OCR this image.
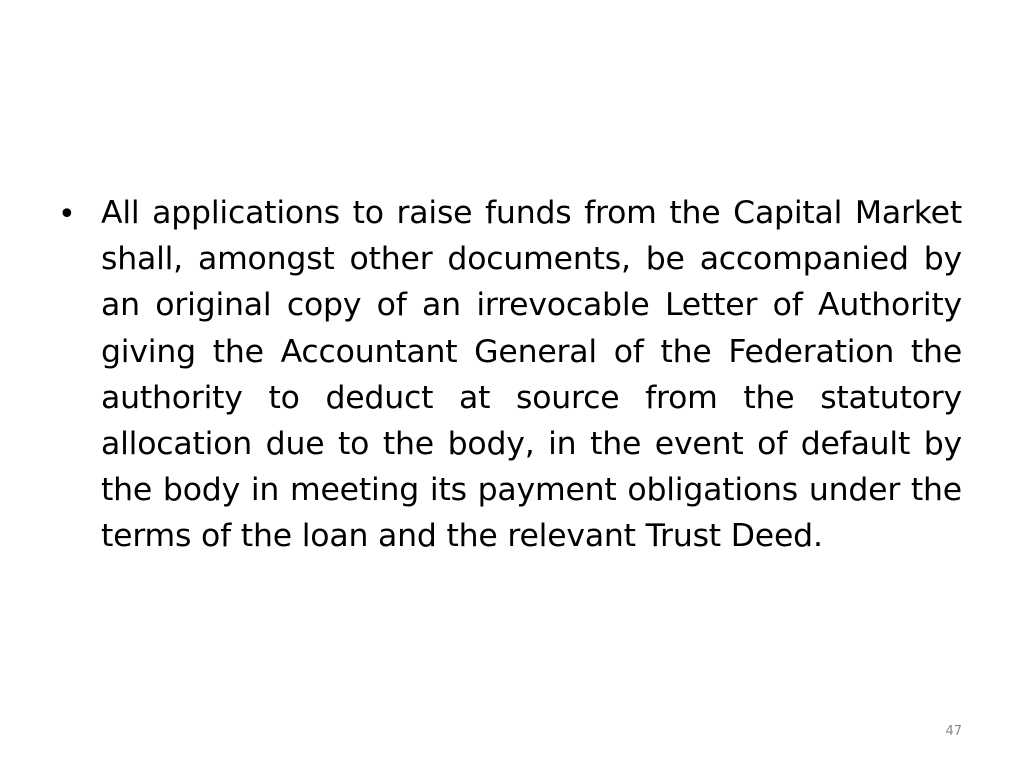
• All applications to raise funds from the Capital Market shall, amongst other documents, be accompanied by an original copy of an irrevocable Letter of Authority giving the Accountant General of the Federation the authority to deduct at source from the statutory allocation due to the body, in the event of default by the body in meeting its payment obligations under the terms of the loan and the relevant Trust Deed.
47
